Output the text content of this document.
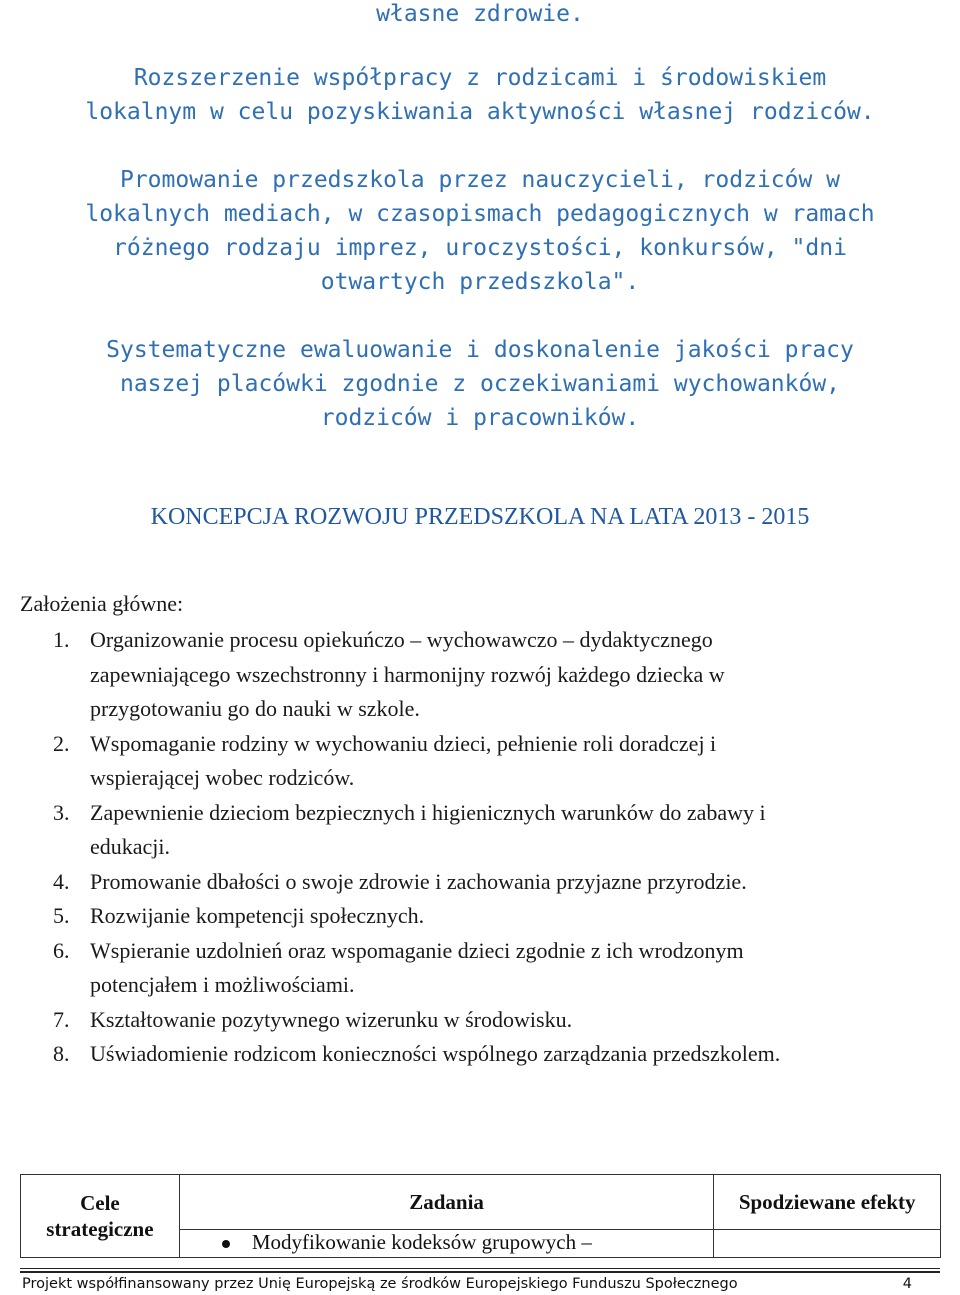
własne zdrowie.

Rozszerzenie współpracy z rodzicami i środowiskiem
lokalnym w celu pozyskiwania aktywności własnej rodziców.

Promowanie przedszkola przez nauczycieli, rodziców w
lokalnych mediach, w czasopismach pedagogicznych w ramach
różnego rodzaju imprez, uroczystości, konkursów, "dni
otwartych przedszkola".

Systematyczne ewaluowanie i doskonalenie jakości pracy
naszej placówki zgodnie z oczekiwaniami wychowanków,
rodziców i pracowników.

KONCEPCJA ROZWOJU PRZEDSZKOLA NA LATA 2013 - 2015

Założenia główne:

1. Organizowanie procesu opiekuńczo – wychowawczo – dydaktycznego
zapewniającego wszechstronny i harmonijny rozwój każdego dziecka w
przygotowaniu go do nauki w szkole.
2. Wspomaganie rodziny w wychowaniu dzieci, pełnienie roli doradczej i
wspierającej wobec rodziców.
3. Zapewnienie dzieciom bezpiecznych i higienicznych warunków do zabawy i
edukacji.
4. Promowanie dbałości o swoje zdrowie i zachowania przyjazne przyrodzie.
5. Rozwijanie kompetencji społecznych.
6. Wspieranie uzdolnień oraz wspomaganie dzieci zgodnie z ich wrodzonym
potencjałem i możliwościami.
7. Kształtowanie pozytywnego wizerunku w środowisku.
8. Uświadomienie rodzicom konieczności wspólnego zarządzania przedszkolem.
Cele
strategiczne	Zadania	Spodziewane efekty
	Modyfikowanie kodeksów grupowych –	
Projekt współfinansowany przez Unię Europejską ze środków Europejskiego Funduszu Społecznego	4
